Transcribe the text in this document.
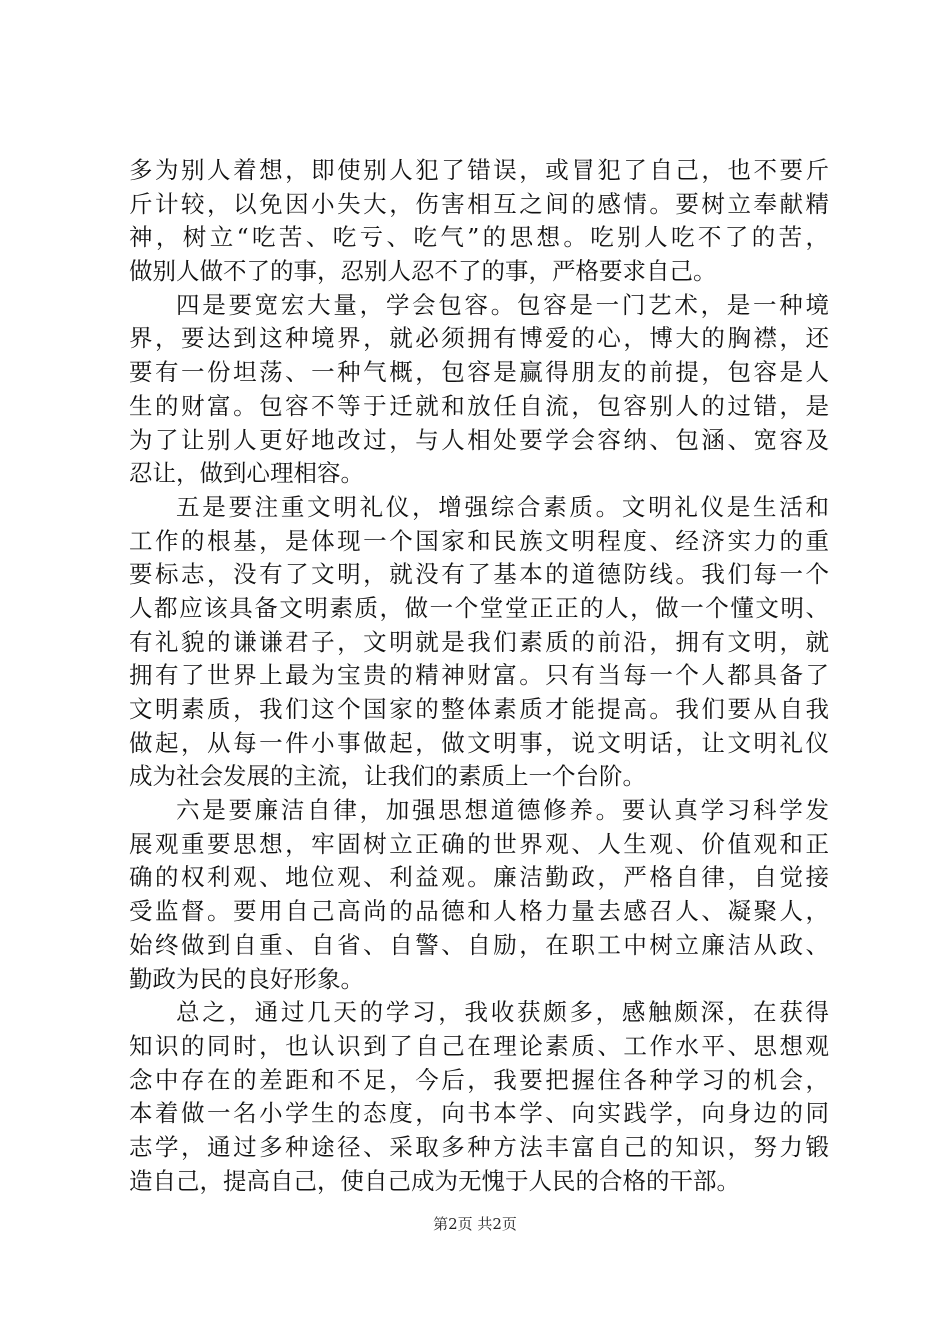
多为别人着想，即使别人犯了错误，或冒犯了自己，也不要斤
斤计较，以免因小失大，伤害相互之间的感情。要树立奉献精
神，树立“吃苦、吃亏、吃气”的思想。吃别人吃不了的苦，
做别人做不了的事，忍别人忍不了的事，严格要求自己。
四是要宽宏大量，学会包容。包容是一门艺术，是一种境
界，要达到这种境界，就必须拥有博爱的心，博大的胸襟，还
要有一份坦荡、一种气概，包容是赢得朋友的前提，包容是人
生的财富。包容不等于迁就和放任自流，包容别人的过错，是
为了让别人更好地改过，与人相处要学会容纳、包涵、宽容及
忍让，做到心理相容。
五是要注重文明礼仪，增强综合素质。文明礼仪是生活和
工作的根基，是体现一个国家和民族文明程度、经济实力的重
要标志，没有了文明，就没有了基本的道德防线。我们每一个
人都应该具备文明素质，做一个堂堂正正的人，做一个懂文明、
有礼貌的谦谦君子，文明就是我们素质的前沿，拥有文明，就
拥有了世界上最为宝贵的精神财富。只有当每一个人都具备了
文明素质，我们这个国家的整体素质才能提高。我们要从自我
做起，从每一件小事做起，做文明事，说文明话，让文明礼仪
成为社会发展的主流，让我们的素质上一个台阶。
六是要廉洁自律，加强思想道德修养。要认真学习科学发
展观重要思想，牢固树立正确的世界观、人生观、价值观和正
确的权利观、地位观、利益观。廉洁勤政，严格自律，自觉接
受监督。要用自己高尚的品德和人格力量去感召人、凝聚人，
始终做到自重、自省、自警、自励，在职工中树立廉洁从政、
勤政为民的良好形象。
总之，通过几天的学习，我收获颇多，感触颇深，在获得
知识的同时，也认识到了自己在理论素质、工作水平、思想观
念中存在的差距和不足，今后，我要把握住各种学习的机会，
本着做一名小学生的态度，向书本学、向实践学，向身边的同
志学，通过多种途径、采取多种方法丰富自己的知识，努力锻
造自己，提高自己，使自己成为无愧于人民的合格的干部。
第2页 共2页
